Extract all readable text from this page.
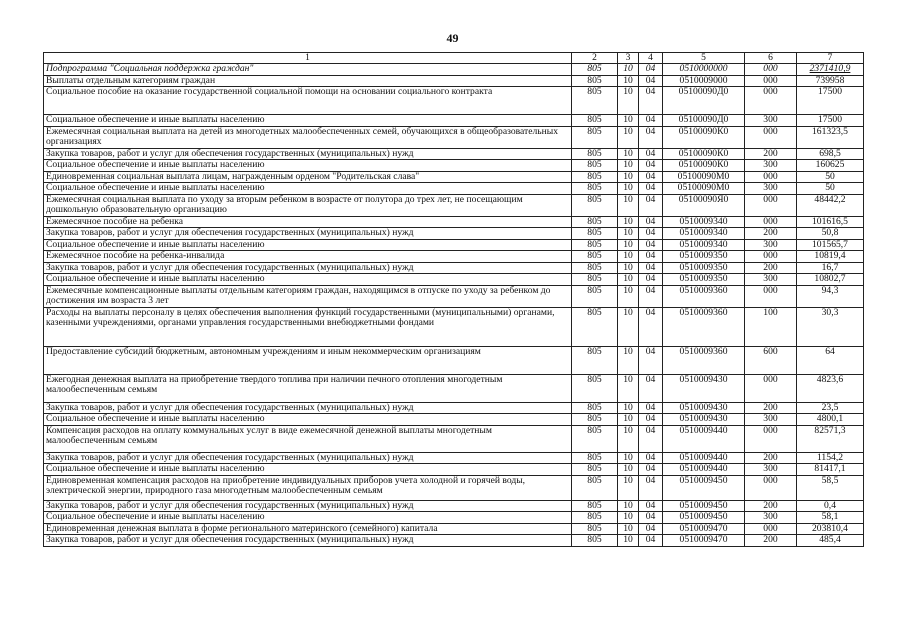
49
1	2	3	4	5	6	7
Подпрограмма "Социальная поддержка граждан"	805	10	04	0510000000	000	2371410,9
Выплаты отдельным категориям граждан	805	10	04	0510009000	000	739958
Социальное пособие на оказание государственной социальной помощи на основании социального контракта	805	10	04	05100090Д0	000	17500
Социальное обеспечение и иные выплаты населению	805	10	04	05100090Д0	300	17500
Ежемесячная социальная выплата на детей из многодетных малообеспеченных семей, обучающихся в общеобразовательных организациях	805	10	04	05100090К0	000	161323,5
Закупка товаров, работ и услуг для обеспечения государственных (муниципальных) нужд	805	10	04	05100090К0	200	698,5
Социальное обеспечение и иные выплаты населению	805	10	04	05100090К0	300	160625
Единовременная социальная выплата лицам, награжденным орденом "Родительская слава"	805	10	04	05100090М0	000	50
Социальное обеспечение и иные выплаты населению	805	10	04	05100090М0	300	50
Ежемесячная социальная выплата по уходу за вторым ребенком в возрасте от полутора до трех лет, не посещающим дошкольную образовательную организацию	805	10	04	05100090Я0	000	48442,2
Ежемесячное пособие на ребенка	805	10	04	0510009340	000	101616,5
Закупка товаров, работ и услуг для обеспечения государственных (муниципальных) нужд	805	10	04	0510009340	200	50,8
Социальное обеспечение и иные выплаты населению	805	10	04	0510009340	300	101565,7
Ежемесячное пособие на ребенка-инвалида	805	10	04	0510009350	000	10819,4
Закупка товаров, работ и услуг для обеспечения государственных (муниципальных) нужд	805	10	04	0510009350	200	16,7
Социальное обеспечение и иные выплаты населению	805	10	04	0510009350	300	10802,7
Ежемесячные компенсационные выплаты отдельным категориям граждан, находящимся в отпуске по уходу за ребенком до достижения им возраста 3 лет	805	10	04	0510009360	000	94,3
Расходы на выплаты персоналу в целях обеспечения выполнения функций государственными (муниципальными) органами, казенными учреждениями, органами управления государственными внебюджетными фондами	805	10	04	0510009360	100	30,3
Предоставление субсидий бюджетным, автономным учреждениям и иным некоммерческим организациям	805	10	04	0510009360	600	64
Ежегодная денежная выплата на приобретение твердого топлива при наличии печного отопления многодетным малообеспеченным семьям	805	10	04	0510009430	000	4823,6
Закупка товаров, работ и услуг для обеспечения государственных (муниципальных) нужд	805	10	04	0510009430	200	23,5
Социальное обеспечение и иные выплаты населению	805	10	04	0510009430	300	4800,1
Компенсация расходов на оплату коммунальных услуг в виде ежемесячной денежной выплаты многодетным малообеспеченным семьям	805	10	04	0510009440	000	82571,3
Закупка товаров, работ и услуг для обеспечения государственных (муниципальных) нужд	805	10	04	0510009440	200	1154,2
Социальное обеспечение и иные выплаты населению	805	10	04	0510009440	300	81417,1
Единовременная компенсация расходов на приобретение индивидуальных приборов учета холодной и горячей воды, электрической энергии, природного газа многодетным малообеспеченным семьям	805	10	04	0510009450	000	58,5
Закупка товаров, работ и услуг для обеспечения государственных (муниципальных) нужд	805	10	04	0510009450	200	0,4
Социальное обеспечение и иные выплаты населению	805	10	04	0510009450	300	58,1
Единовременная денежная выплата в форме регионального материнского (семейного) капитала	805	10	04	0510009470	000	203810,4
Закупка товаров, работ и услуг для обеспечения государственных (муниципальных) нужд	805	10	04	0510009470	200	485,4
